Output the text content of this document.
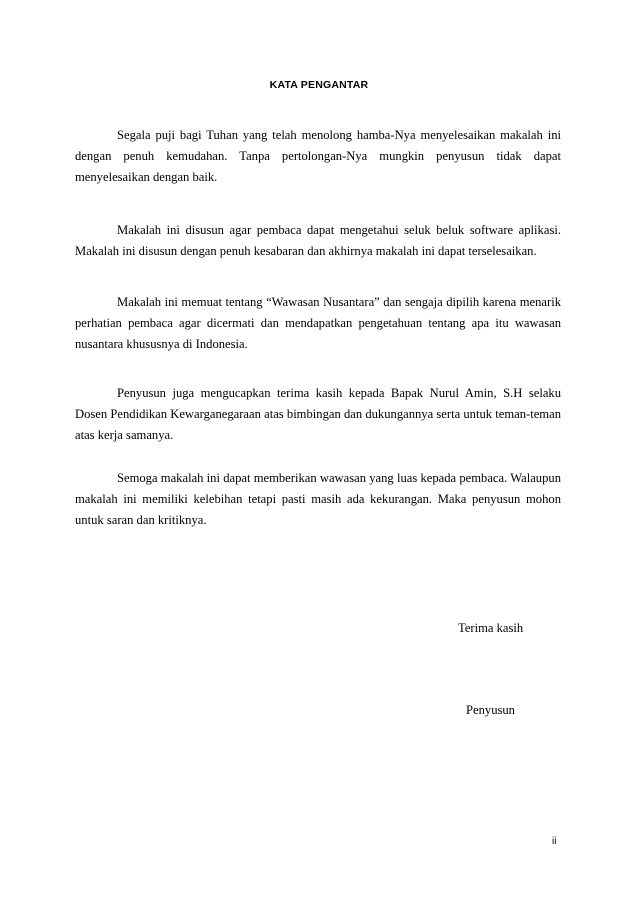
KATA PENGANTAR

Segala puji bagi Tuhan yang telah menolong hamba-Nya menyelesaikan makalah ini dengan penuh kemudahan. Tanpa pertolongan-Nya mungkin penyusun tidak dapat menyelesaikan dengan baik.

Makalah ini disusun agar pembaca dapat mengetahui seluk beluk software aplikasi. Makalah ini disusun dengan penuh kesabaran dan akhirnya makalah ini dapat terselesaikan.

Makalah ini memuat tentang “Wawasan Nusantara” dan sengaja dipilih karena menarik perhatian pembaca agar dicermati dan mendapatkan pengetahuan tentang apa itu wawasan nusantara khususnya di Indonesia.

Penyusun juga mengucapkan terima kasih kepada Bapak Nurul Amin, S.H selaku Dosen Pendidikan Kewarganegaraan atas bimbingan dan dukungannya serta untuk teman-teman atas kerja samanya.

Semoga makalah ini dapat memberikan wawasan yang luas kepada pembaca. Walaupun makalah ini memiliki kelebihan tetapi pasti masih ada kekurangan. Maka penyusun mohon untuk saran dan kritiknya.

Terima kasih
Penyusun
ii
